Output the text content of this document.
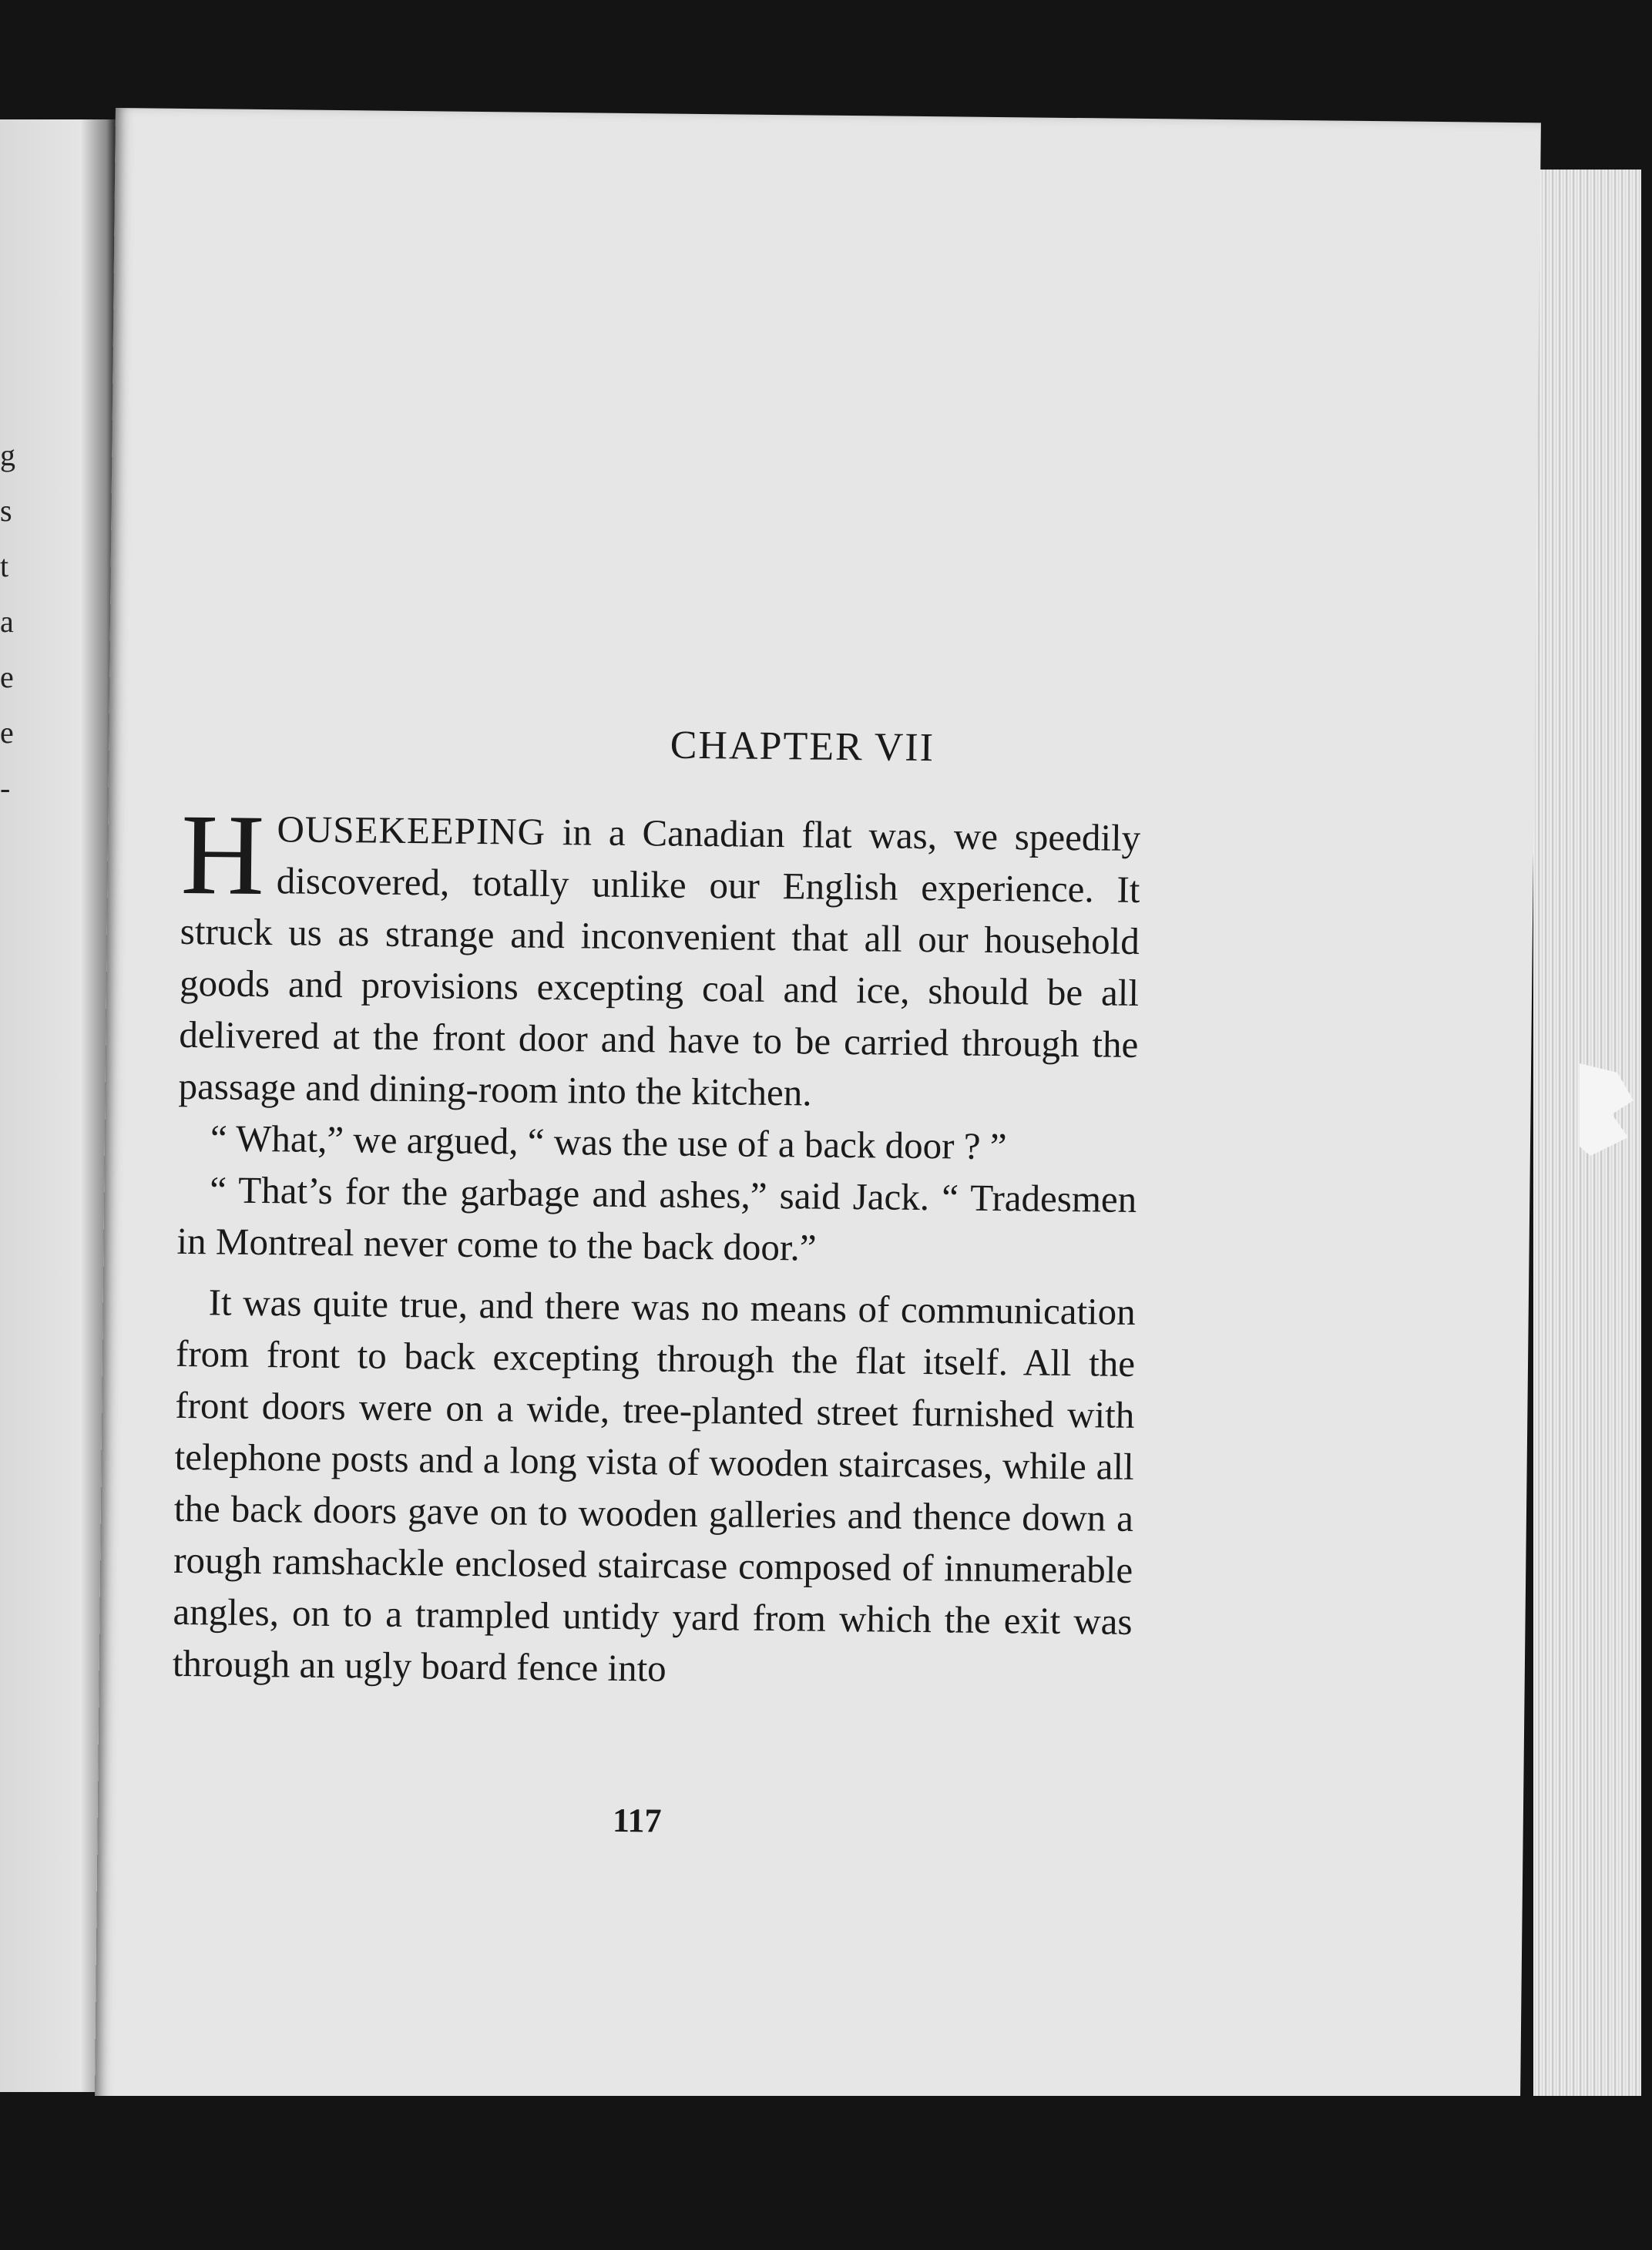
g
s
t
a
e
e
-
CHAPTER VII

HOUSEKEEPING in a Canadian flat was, we speedily discovered, totally unlike our English experience. It struck us as strange and inconvenient that all our household goods and provisions excepting coal and ice, should be all delivered at the front door and have to be carried through the passage and dining-room into the kitchen.

“ What,” we argued, “ was the use of a back door ? ”

“ That’s for the garbage and ashes,” said Jack. “ Tradesmen in Montreal never come to the back door.”

It was quite true, and there was no means of communication from front to back excepting through the flat itself. All the front doors were on a wide, tree-planted street furnished with telephone posts and a long vista of wooden staircases, while all the back doors gave on to wooden galleries and thence down a rough ramshackle enclosed staircase composed of innumerable angles, on to a trampled untidy yard from which the exit was through an ugly board fence into

117
